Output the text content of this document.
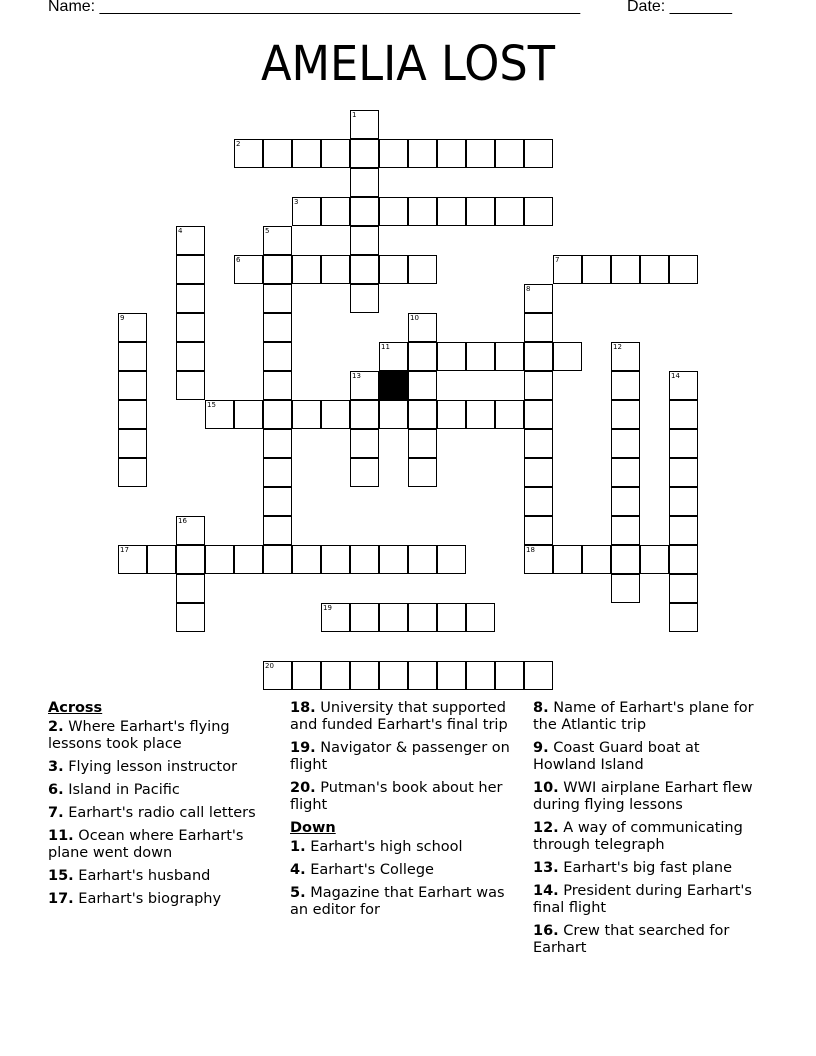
Name: ______________________________________________________	Date: _______
AMELIA LOST
1
2
3
4	5
6	7
8
18
9	10
11	12
13	14
15
16
17
19
20
Across
2. Where Earhart's flying lessons took place
3. Flying lesson instructor
6. Island in Pacific
7. Earhart's radio call letters
11. Ocean where Earhart's plane went down
15. Earhart's husband
17. Earhart's biography
18. University that supported and funded Earhart's final trip
19. Navigator & passenger on flight
20. Putman's book about her flight
Down
1. Earhart's high school
4. Earhart's College
5. Magazine that Earhart was an editor for
8. Name of Earhart's plane for the Atlantic trip
9. Coast Guard boat at Howland Island
10. WWI airplane Earhart flew during flying lessons
12. A way of communicating through telegraph
13. Earhart's big fast plane
14. President during Earhart's final flight
16. Crew that searched for Earhart
